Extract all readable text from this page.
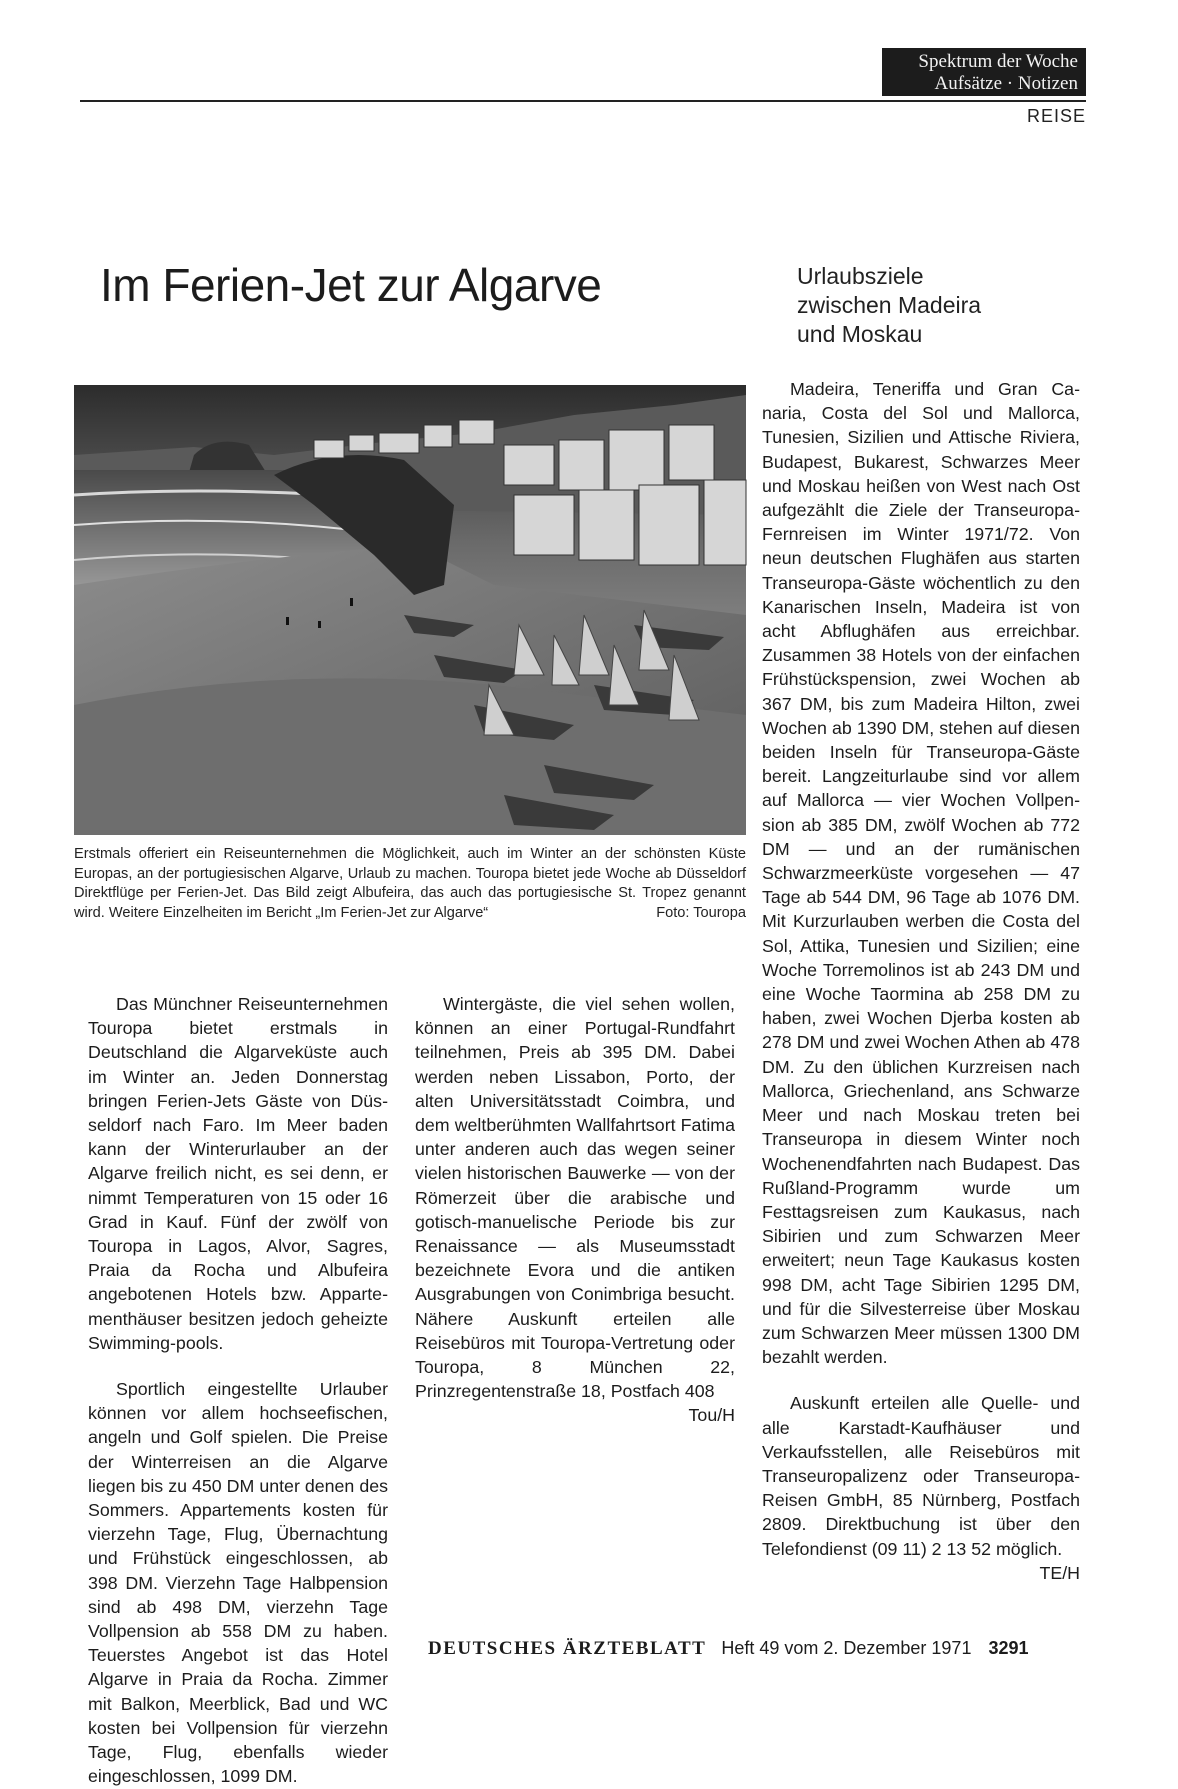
Spektrum der Woche
Aufsätze · Notizen
REISE
Im Ferien-Jet zur Algarve	Urlaubsziele
zwischen Madeira
und Moskau
Erstmals offeriert ein Reiseunternehmen die Möglichkeit, auch im Winter an der schönsten Küste Europas, an der portugiesischen Algarve, Urlaub zu machen. Touropa bietet jede Woche ab Düsseldorf Direktflüge per Ferien-Jet. Das Bild zeigt Albufeira, das auch das portugiesische St. Tropez genannt wird. Weitere Einzelheiten im Bericht „Im Ferien-Jet zur Algarve“	Foto: Touropa

Das Münchner Reiseunternehmen Touropa bietet erstmals in Deutschland die Algarveküste auch im Winter an. Jeden Donnerstag bringen Ferien-Jets Gäste von Düsseldorf nach Faro. Im Meer baden kann der Winterurlauber an der Algarve freilich nicht, es sei denn, er nimmt Temperaturen von 15 oder 16 Grad in Kauf. Fünf der zwölf von Touropa in Lagos, Alvor, Sagres, Praia da Rocha und Albufeira angebotenen Hotels bzw. Appartementhäuser besitzen jedoch geheizte Swimming-pools.

Sportlich eingestellte Urlauber können vor allem hochseefischen, angeln und Golf spielen. Die Preise der Winterreisen an die Algarve liegen bis zu 450 DM unter denen des Sommers. Appartements kosten für vierzehn Tage, Flug, Übernachtung und Frühstück eingeschlossen, ab 398 DM. Vierzehn Tage Halbpension sind ab 498 DM, vierzehn Tage Vollpension ab 558 DM zu haben. Teuerstes Angebot ist das Hotel Algarve in Praia da Rocha. Zimmer mit Balkon, Meerblick, Bad und WC kosten bei Vollpension für vierzehn Tage, Flug, ebenfalls wieder eingeschlossen, 1099 DM.

Wintergäste, die viel sehen wollen, können an einer Portugal-Rundfahrt teilnehmen, Preis ab 395 DM. Dabei werden neben Lissabon, Porto, der alten Universitätsstadt Coimbra, und dem weltberühmten Wallfahrtsort Fatima unter anderen auch das wegen seiner vielen historischen Bauwerke — von der Römerzeit über die arabische und gotisch-manuelische Periode bis zur Renaissance — als Museumsstadt bezeichnete Evora und die antiken Ausgrabungen von Conimbriga besucht. Nähere Auskunft erteilen alle Reisebüros mit Touropa-Vertretung oder Touropa, 8 München 22, Prinzregentenstraße 18, Postfach 408

Tou/H

Madeira, Teneriffa und Gran Canaria, Costa del Sol und Mallorca, Tunesien, Sizilien und Attische Riviera, Budapest, Bukarest, Schwarzes Meer und Moskau heißen von West nach Ost aufgezählt die Ziele der Transeuropa-Fernreisen im Winter 1971/72. Von neun deutschen Flughäfen aus starten Transeuropa-Gäste wöchentlich zu den Kanarischen Inseln, Madeira ist von acht Abflughäfen aus erreichbar. Zusammen 38 Hotels von der einfachen Frühstückspension, zwei Wochen ab 367 DM, bis zum Madeira Hilton, zwei Wochen ab 1390 DM, stehen auf diesen beiden Inseln für Transeuropa-Gäste bereit. Langzeiturlaube sind vor allem auf Mallorca — vier Wochen Vollpension ab 385 DM, zwölf Wochen ab 772 DM — und an der rumänischen Schwarzmeerküste vorgesehen — 47 Tage ab 544 DM, 96 Tage ab 1076 DM. Mit Kurzurlauben werben die Costa del Sol, Attika, Tunesien und Sizilien; eine Woche Torremolinos ist ab 243 DM und eine Woche Taormina ab 258 DM zu haben, zwei Wochen Djerba kosten ab 278 DM und zwei Wochen Athen ab 478 DM. Zu den üblichen Kurzreisen nach Mallorca, Griechenland, ans Schwarze Meer und nach Moskau treten bei Transeuropa in diesem Winter noch Wochenendfahrten nach Budapest. Das Rußland-Programm wurde um Festtagsreisen zum Kaukasus, nach Sibirien und zum Schwarzen Meer erweitert; neun Tage Kaukasus kosten 998 DM, acht Tage Sibirien 1295 DM, und für die Silvesterreise über Moskau zum Schwarzen Meer müssen 1300 DM bezahlt werden.

Auskunft erteilen alle Quelle- und alle Karstadt-Kaufhäuser und Verkaufsstellen, alle Reisebüros mit Transeuropalizenz oder Transeuropa-Reisen GmbH, 85 Nürnberg, Postfach 2809. Direktbuchung ist über den Telefondienst (09 11) 2 13 52 möglich.

TE/H

DEUTSCHES ÄRZTEBLATT Heft 49 vom 2. Dezember 1971 3291
